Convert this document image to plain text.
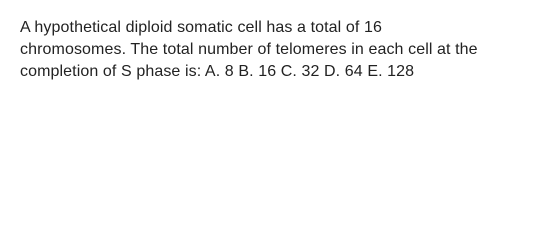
A hypothetical diploid somatic cell has a total of 16
chromosomes. The total number of telomeres in each cell at the
completion of S phase is: A. 8 B. 16 C. 32 D. 64 E. 128
